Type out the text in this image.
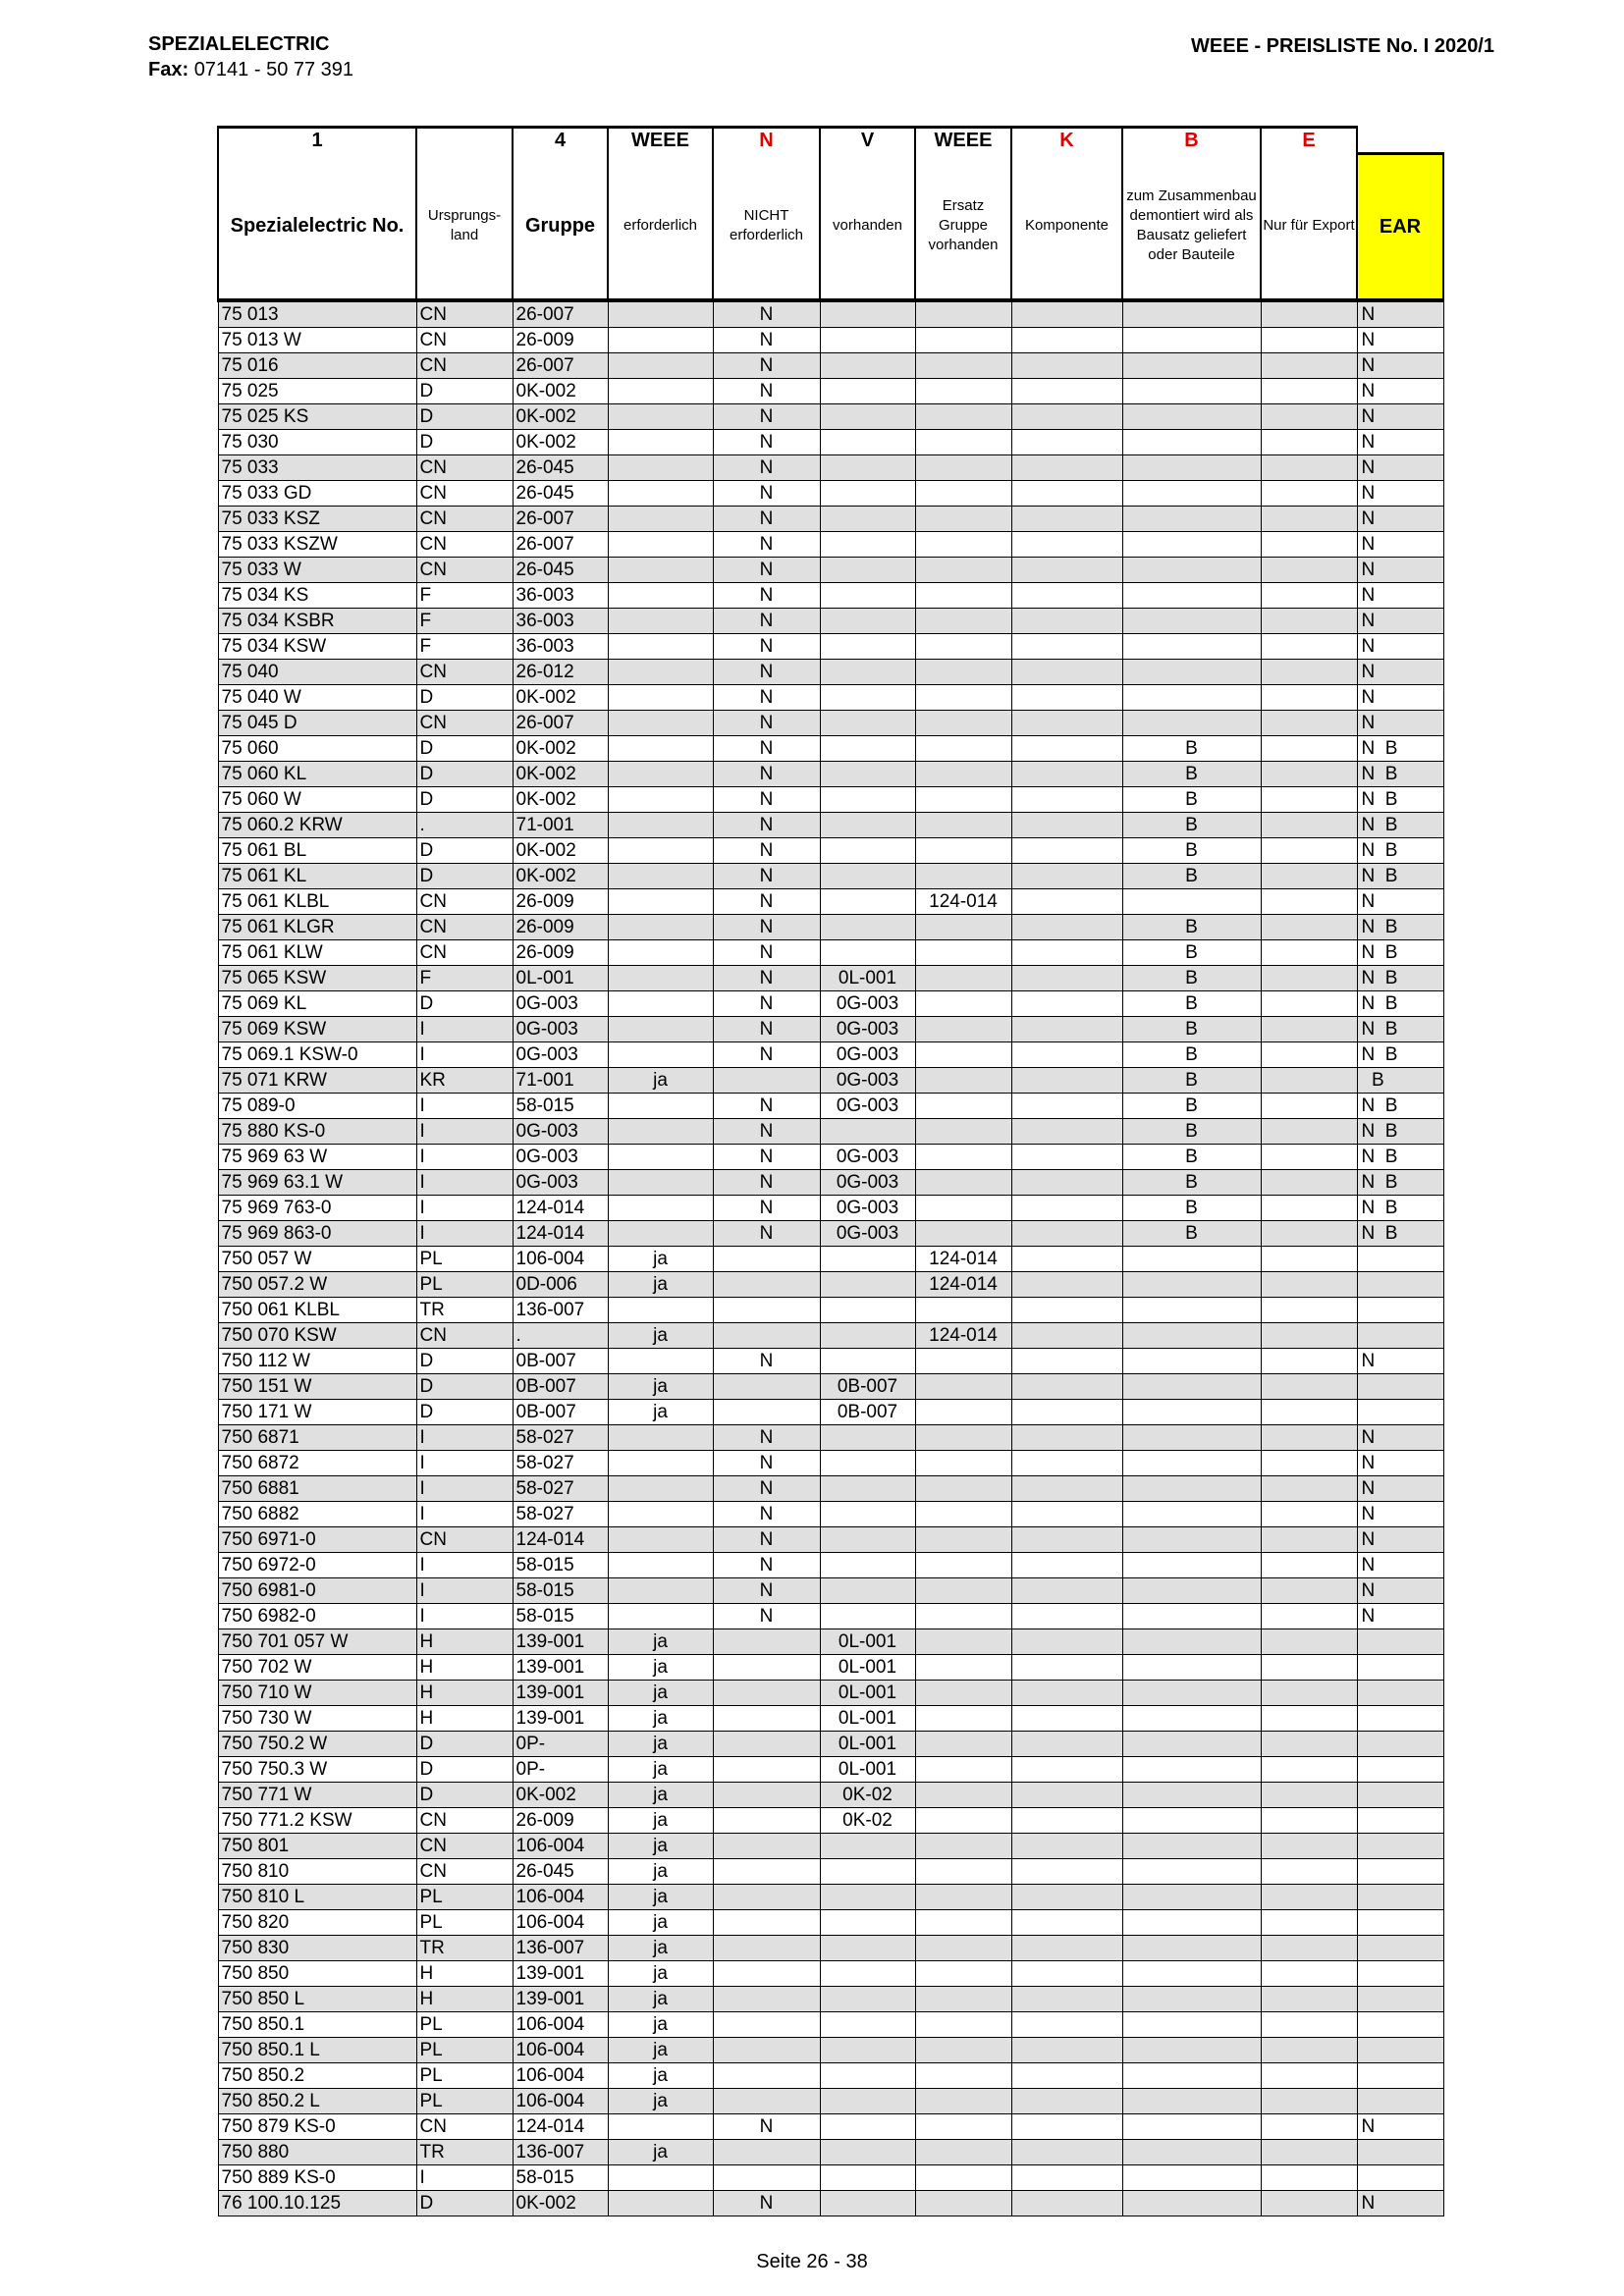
SPEZIALELECTRIC
Fax: 07141 - 50 77 391
WEEE - PREISLISTE No. I 2020/1
1		4	WEEE	N	V	WEEE	K	B	E	
Spezialelectric No.	Ursprungs-land	Gruppe	erforderlich	NICHT erforderlich	vorhanden	Ersatz Gruppe vorhanden	Komponente	zum Zusammenbau demontiert wird als Bausatz geliefert oder Bauteile	Nur für Export	EAR
75 013	CN	26-007		N						N
75 013 W	CN	26-009		N						N
75 016	CN	26-007		N						N
75 025	D	0K-002		N						N
75 025 KS	D	0K-002		N						N
75 030	D	0K-002		N						N
75 033	CN	26-045		N						N
75 033 GD	CN	26-045		N						N
75 033 KSZ	CN	26-007		N						N
75 033 KSZW	CN	26-007		N						N
75 033 W	CN	26-045		N						N
75 034 KS	F	36-003		N						N
75 034 KSBR	F	36-003		N						N
75 034 KSW	F	36-003		N						N
75 040	CN	26-012		N						N
75 040 W	D	0K-002		N						N
75 045 D	CN	26-007		N						N
75 060	D	0K-002		N				B		N  B
75 060 KL	D	0K-002		N				B		N  B
75 060 W	D	0K-002		N				B		N  B
75 060.2 KRW	.	71-001		N				B		N  B
75 061 BL	D	0K-002		N				B		N  B
75 061 KL	D	0K-002		N				B		N  B
75 061 KLBL	CN	26-009		N		124-014				N
75 061 KLGR	CN	26-009		N				B		N  B
75 061 KLW	CN	26-009		N				B		N  B
75 065 KSW	F	0L-001		N	0L-001			B		N  B
75 069 KL	D	0G-003		N	0G-003			B		N  B
75 069 KSW	I	0G-003		N	0G-003			B		N  B
75 069.1 KSW-0	I	0G-003		N	0G-003			B		N  B
75 071 KRW	KR	71-001	ja		0G-003			B		B
75 089-0	I	58-015		N	0G-003			B		N  B
75 880 KS-0	I	0G-003		N				B		N  B
75 969 63 W	I	0G-003		N	0G-003			B		N  B
75 969 63.1 W	I	0G-003		N	0G-003			B		N  B
75 969 763-0	I	124-014		N	0G-003			B		N  B
75 969 863-0	I	124-014		N	0G-003			B		N  B
750 057 W	PL	106-004	ja			124-014				
750 057.2 W	PL	0D-006	ja			124-014				
750 061 KLBL	TR	136-007								
750 070 KSW	CN	.	ja			124-014				
750 112 W	D	0B-007		N						N
750 151 W	D	0B-007	ja		0B-007					
750 171 W	D	0B-007	ja		0B-007					
750 6871	I	58-027		N						N
750 6872	I	58-027		N						N
750 6881	I	58-027		N						N
750 6882	I	58-027		N						N
750 6971-0	CN	124-014		N						N
750 6972-0	I	58-015		N						N
750 6981-0	I	58-015		N						N
750 6982-0	I	58-015		N						N
750 701 057 W	H	139-001	ja		0L-001					
750 702 W	H	139-001	ja		0L-001					
750 710 W	H	139-001	ja		0L-001					
750 730 W	H	139-001	ja		0L-001					
750 750.2 W	D	0P-	ja		0L-001					
750 750.3 W	D	0P-	ja		0L-001					
750 771 W	D	0K-002	ja		0K-02					
750 771.2 KSW	CN	26-009	ja		0K-02					
750 801	CN	106-004	ja							
750 810	CN	26-045	ja							
750 810 L	PL	106-004	ja							
750 820	PL	106-004	ja							
750 830	TR	136-007	ja							
750 850	H	139-001	ja							
750 850 L	H	139-001	ja							
750 850.1	PL	106-004	ja							
750 850.1 L	PL	106-004	ja							
750 850.2	PL	106-004	ja							
750 850.2 L	PL	106-004	ja							
750 879 KS-0	CN	124-014		N						N
750 880	TR	136-007	ja							
750 889 KS-0	I	58-015								
76 100.10.125	D	0K-002		N						N
Seite 26 - 38
